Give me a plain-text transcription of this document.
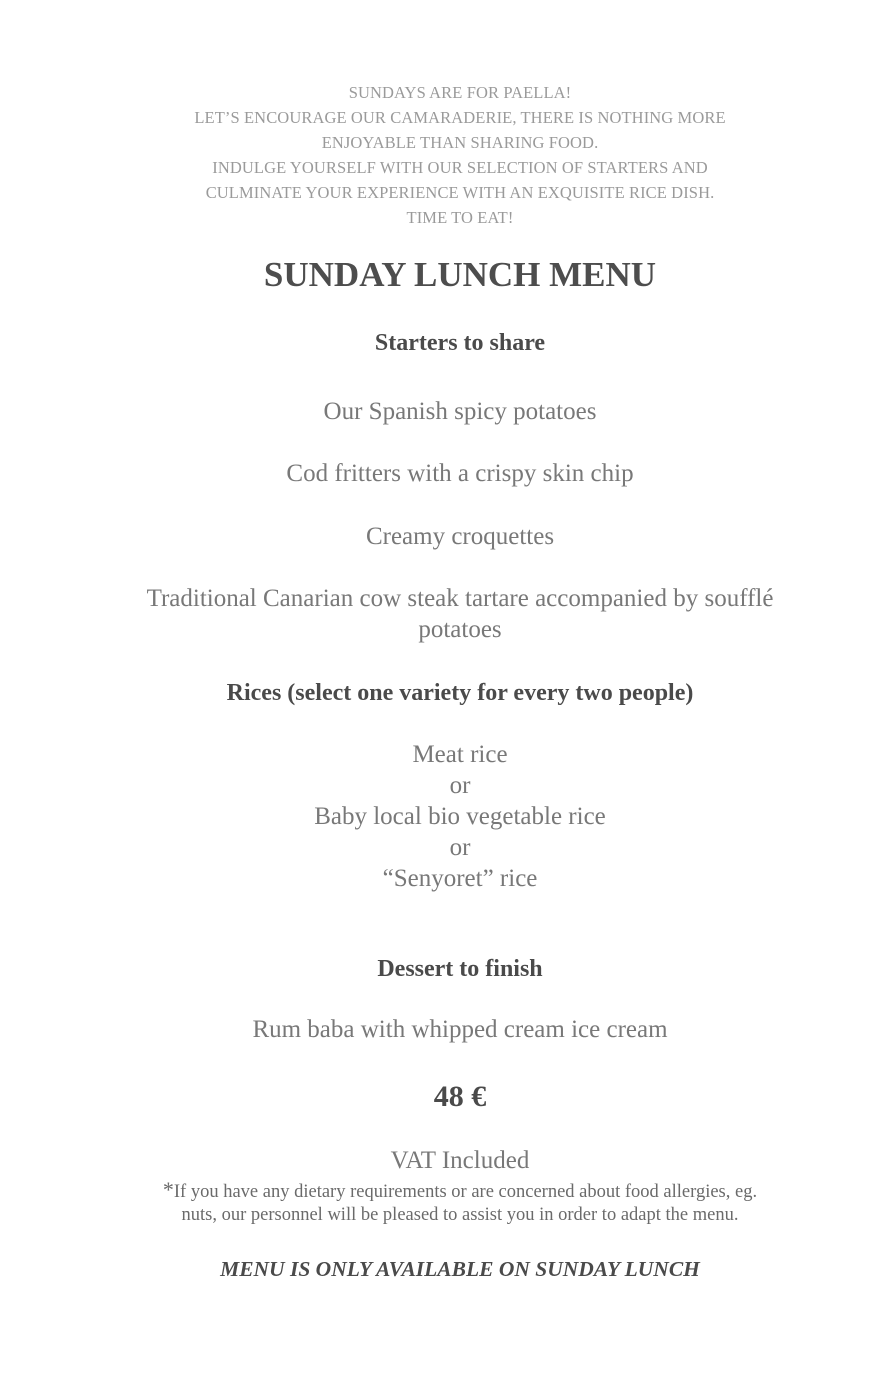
SUNDAYS ARE FOR PAELLA!
LET’S ENCOURAGE OUR CAMARADERIE, THERE IS NOTHING MORE
ENJOYABLE THAN SHARING FOOD.
INDULGE YOURSELF WITH OUR SELECTION OF STARTERS AND
CULMINATE YOUR EXPERIENCE WITH AN EXQUISITE RICE DISH.
TIME TO EAT!
SUNDAY LUNCH MENU
Starters to share
Our Spanish spicy potatoes
Cod fritters with a crispy skin chip
Creamy croquettes
Traditional Canarian cow steak tartare accompanied by soufflé
potatoes
Rices (select one variety for every two people)
Meat rice
or
Baby local bio vegetable rice
or
“Senyoret” rice
Dessert to finish
Rum baba with whipped cream ice cream
48 €
VAT Included
*If you have any dietary requirements or are concerned about food allergies, eg.
nuts, our personnel will be pleased to assist you in order to adapt the menu.
MENU IS ONLY AVAILABLE ON SUNDAY LUNCH
